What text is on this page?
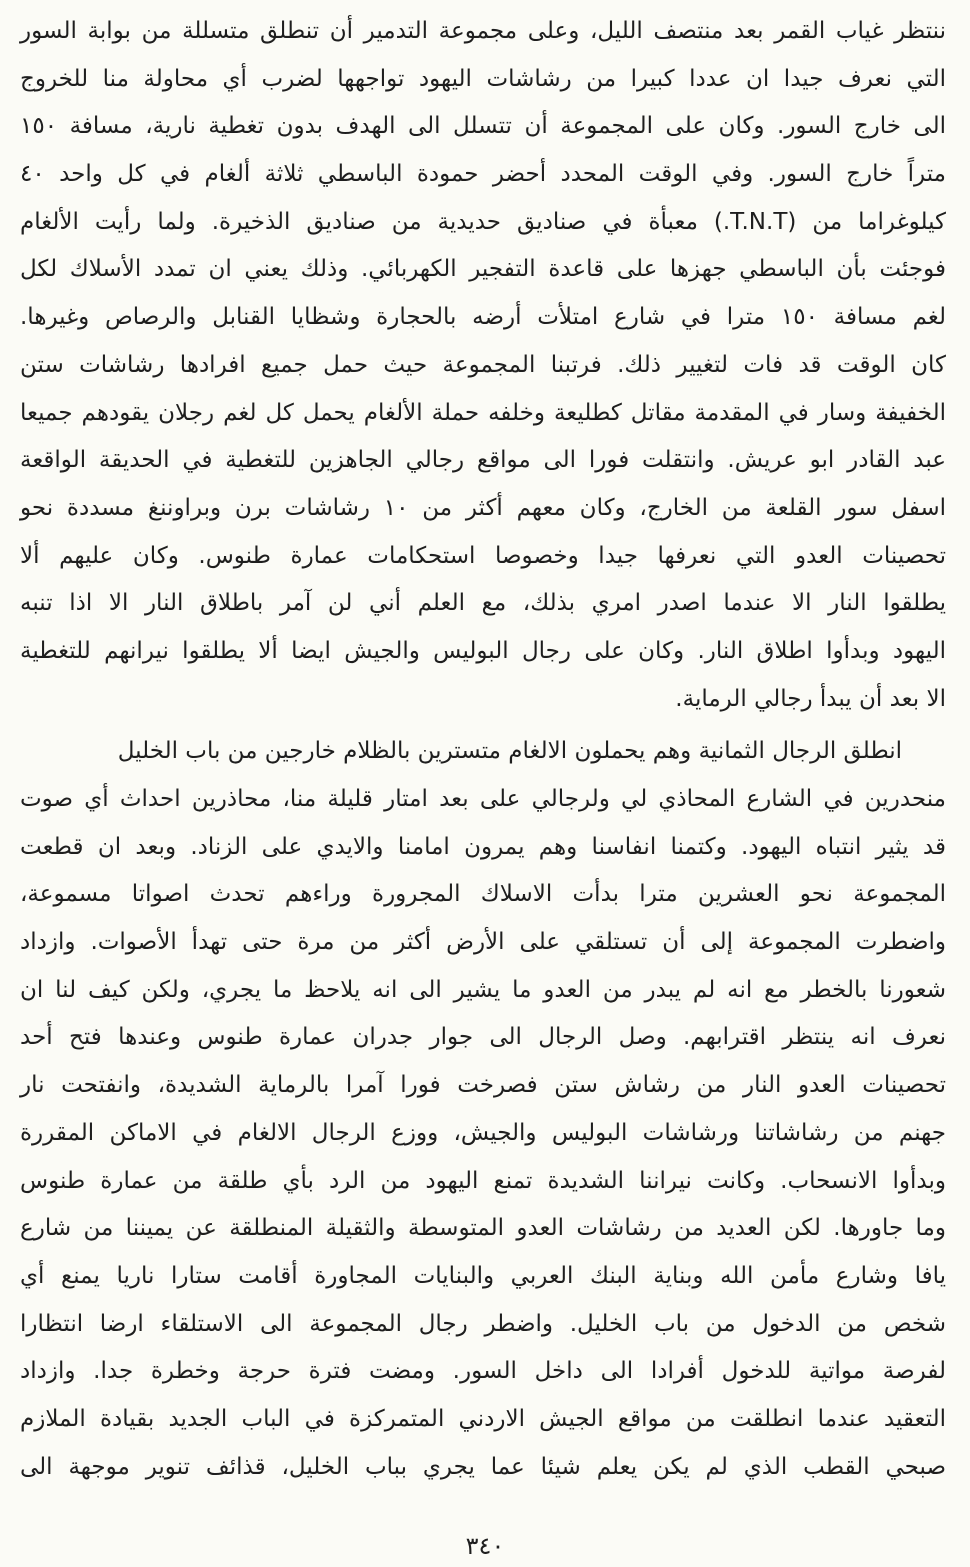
ننتظر غياب القمر بعد منتصف الليل، وعلى مجموعة التدمير أن تنطلق متسللة من بوابة السور
التي نعرف جيدا ان عددا كبيرا من رشاشات اليهود تواجهها لضرب أي محاولة منا للخروج
الى خارج السور. وكان على المجموعة أن تتسلل الى الهدف بدون تغطية نارية، مسافة ١٥٠
متراً خارج السور. وفي الوقت المحدد أحضر حمودة الباسطي ثلاثة ألغام في كل واحد ٤٠
كيلوغراما من (T.N.T.) معبأة في صناديق حديدية من صناديق الذخيرة. ولما رأيت الألغام
فوجئت بأن الباسطي جهزها على قاعدة التفجير الكهربائي. وذلك يعني ان تمدد الأسلاك لكل
لغم مسافة ١٥٠ مترا في شارع امتلأت أرضه بالحجارة وشظايا القنابل والرصاص وغيرها.
كان الوقت قد فات لتغيير ذلك. فرتبنا المجموعة حيث حمل جميع افرادها رشاشات ستن
الخفيفة وسار في المقدمة مقاتل كطليعة وخلفه حملة الألغام يحمل كل لغم رجلان يقودهم جميعا
عبد القادر ابو عريش. وانتقلت فورا الى مواقع رجالي الجاهزين للتغطية في الحديقة الواقعة
اسفل سور القلعة من الخارج، وكان معهم أكثر من ١٠ رشاشات برن وبراوننغ مسددة نحو
تحصينات العدو التي نعرفها جيدا وخصوصا استحكامات عمارة طنوس. وكان عليهم ألا
يطلقوا النار الا عندما اصدر امري بذلك، مع العلم أني لن آمر باطلاق النار الا اذا تنبه
اليهود وبدأوا اطلاق النار. وكان على رجال البوليس والجيش ايضا ألا يطلقوا نيرانهم للتغطية
الا بعد أن يبدأ رجالي الرماية.
انطلق الرجال الثمانية وهم يحملون الالغام متسترين بالظلام خارجين من باب الخليل
منحدرين في الشارع المحاذي لي ولرجالي على بعد امتار قليلة منا، محاذرين احداث أي صوت
قد يثير انتباه اليهود. وكتمنا انفاسنا وهم يمرون امامنا والايدي على الزناد. وبعد ان قطعت
المجموعة نحو العشرين مترا بدأت الاسلاك المجرورة وراءهم تحدث اصواتا مسموعة،
واضطرت المجموعة إلى أن تستلقي على الأرض أكثر من مرة حتى تهدأ الأصوات. وازداد
شعورنا بالخطر مع انه لم يبدر من العدو ما يشير الى انه يلاحظ ما يجري، ولكن كيف لنا ان
نعرف انه ينتظر اقترابهم. وصل الرجال الى جوار جدران عمارة طنوس وعندها فتح أحد
تحصينات العدو النار من رشاش ستن فصرخت فورا آمرا بالرماية الشديدة، وانفتحت نار
جهنم من رشاشاتنا ورشاشات البوليس والجيش، ووزع الرجال الالغام في الاماكن المقررة
وبدأوا الانسحاب. وكانت نيراننا الشديدة تمنع اليهود من الرد بأي طلقة من عمارة طنوس
وما جاورها. لكن العديد من رشاشات العدو المتوسطة والثقيلة المنطلقة عن يميننا من شارع
يافا وشارع مأمن الله وبناية البنك العربي والبنايات المجاورة أقامت ستارا ناريا يمنع أي
شخص من الدخول من باب الخليل. واضطر رجال المجموعة الى الاستلقاء ارضا انتظارا
لفرصة مواتية للدخول أفرادا الى داخل السور. ومضت فترة حرجة وخطرة جدا. وازداد
التعقيد عندما انطلقت من مواقع الجيش الاردني المتمركزة في الباب الجديد بقيادة الملازم
صبحي القطب الذي لم يكن يعلم شيئا عما يجري بباب الخليل، قذائف تنوير موجهة الى
٣٤٠
